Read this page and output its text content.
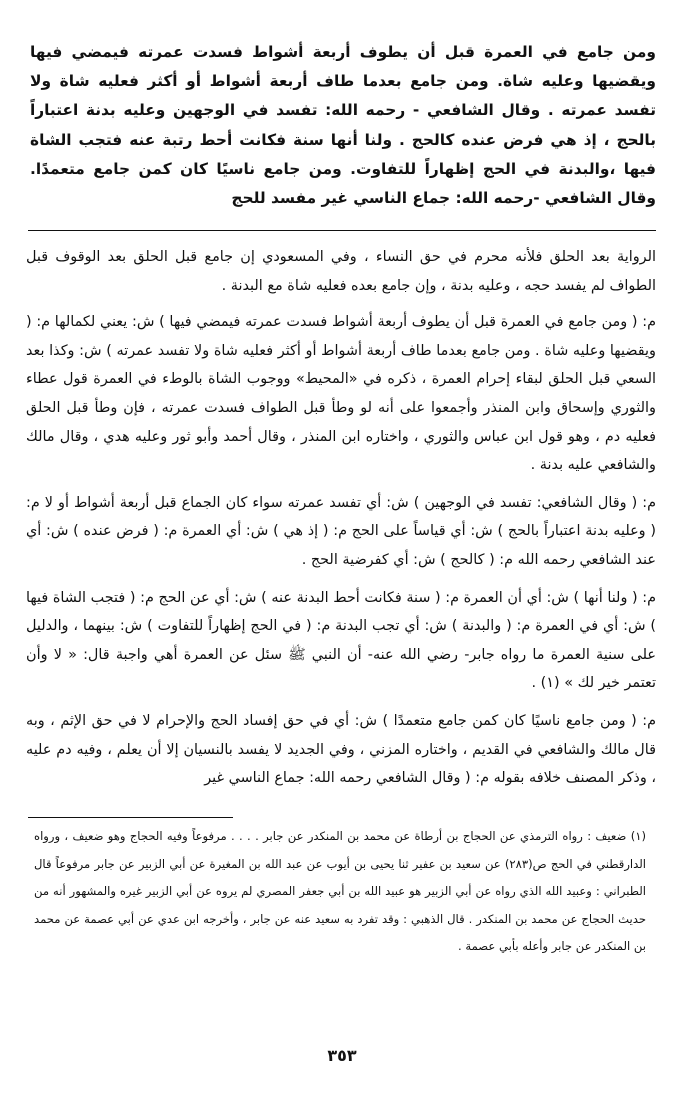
ومن جامع في العمرة قبل أن يطوف أربعة أشواط فسدت عمرته فيمضي فيها ويقضيها وعليه شاة. ومن جامع بعدما طاف أربعة أشواط أو أكثر فعليه شاة ولا تفسد عمرته . وقال الشافعي - رحمه الله: تفسد في الوجهين وعليه بدنة اعتباراً بالحج ، إذ هي فرض عنده كالحج . ولنا أنها سنة فكانت أحط رتبة عنه فتجب الشاة فيها ،والبدنة في الحج إظهاراً للتفاوت. ومن جامع ناسيًا كان كمن جامع متعمدًا. وقال الشافعي -رحمه الله: جماع الناسي غير مفسد للحج

الرواية بعد الحلق فلأنه محرم في حق النساء ، وفي المسعودي إن جامع قبل الحلق بعد الوقوف قبل الطواف لم يفسد حجه ، وعليه بدنة ، وإن جامع بعده فعليه شاة مع البدنة .

م: ( ومن جامع في العمرة قبل أن يطوف أربعة أشواط فسدت عمرته فيمضي فيها ) ش: يعني لكمالها م: ( ويقضيها وعليه شاة . ومن جامع بعدما طاف أربعة أشواط أو أكثر فعليه شاة ولا تفسد عمرته ) ش: وكذا بعد السعي قبل الحلق لبقاء إحرام العمرة ، ذكره في «المحيط» ووجوب الشاة بالوطء في العمرة قول عطاء والثوري وإسحاق وابن المنذر وأجمعوا على أنه لو وطأ قبل الطواف فسدت عمرته ، فإن وطأ قبل الحلق فعليه دم ، وهو قول ابن عباس والثوري ، واختاره ابن المنذر ، وقال أحمد وأبو ثور وعليه هدي ، وقال مالك والشافعي عليه بدنة .

م: ( وقال الشافعي: تفسد في الوجهين ) ش: أي تفسد عمرته سواء كان الجماع قبل أربعة أشواط أو لا م: ( وعليه بدنة اعتباراً بالحج ) ش: أي قياساً على الحج م: ( إذ هي ) ش: أي العمرة م: ( فرض عنده ) ش: أي عند الشافعي رحمه الله م: ( كالحج ) ش: أي كفرضية الحج .

م: ( ولنا أنها ) ش: أي أن العمرة م: ( سنة فكانت أحط البدنة عنه ) ش: أي عن الحج م: ( فتجب الشاة فيها ) ش: أي في العمرة م: ( والبدنة ) ش: أي تجب البدنة م: ( في الحج إظهاراً للتفاوت ) ش: بينهما ، والدليل على سنية العمرة ما رواه جابر- رضي الله عنه- أن النبي ﷺ سئل عن العمرة أهي واجبة قال: « لا وأن تعتمر خير لك » (١) .

م: ( ومن جامع ناسيًا كان كمن جامع متعمدًا ) ش: أي في حق إفساد الحج والإحرام لا في حق الإثم ، وبه قال مالك والشافعي في القديم ، واختاره المزني ، وفي الجديد لا يفسد بالنسيان إلا أن يعلم ، وفيه دم عليه ، وذكر المصنف خلافه بقوله م: ( وقال الشافعي رحمه الله: جماع الناسي غير

(١) ضعيف : رواه الترمذي عن الحجاج بن أرطاة عن محمد بن المنكدر عن جابر . . . . مرفوعاً وفيه الحجاج وهو ضعيف ، ورواه الدارقطني في الحج ص(٢٨٣) عن سعيد بن عفير ثنا يحيى بن أيوب عن عبد الله بن المغيرة عن أبي الزبير عن جابر مرفوعاً قال الطبراني : وعبيد الله الذي رواه عن أبي الزبير هو عبيد الله بن أبي جعفر المصري لم يروه عن أبي الزبير غيره والمشهور أنه من حديث الحجاج عن محمد بن المنكدر . قال الذهبي : وقد تفرد به سعيد عنه عن جابر ، وأخرجه ابن عدي عن أبي عصمة عن محمد بن المنكدر عن جابر وأعله بأبي عصمة .

٣٥٣
